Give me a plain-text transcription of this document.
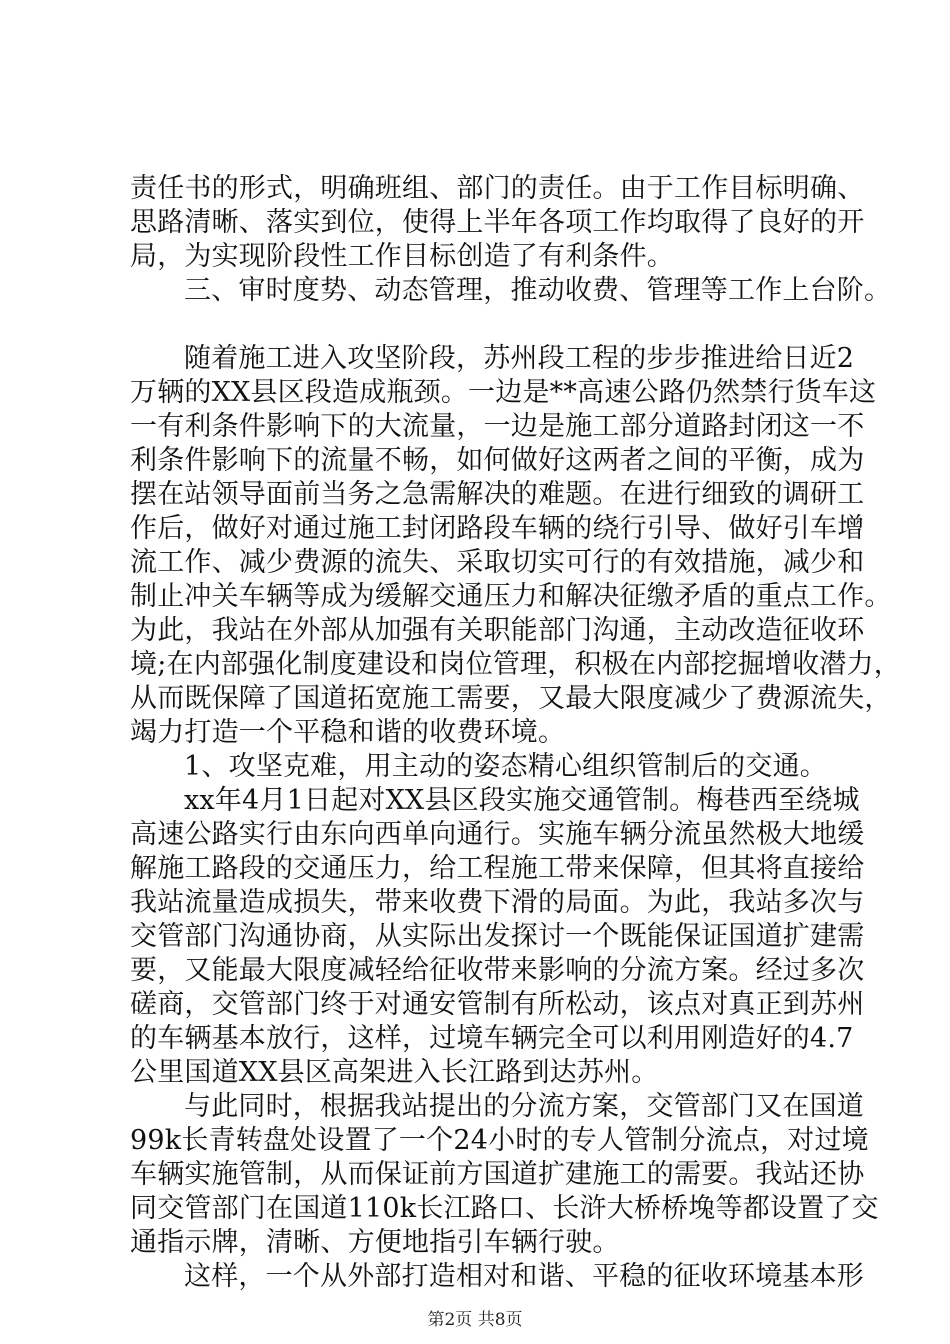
责任书的形式，明确班组、部门的责任。由于工作目标明确、
思路清晰、落实到位，使得上半年各项工作均取得了良好的开
局，为实现阶段性工作目标创造了有利条件。
三、审时度势、动态管理，推动收费、管理等工作上台阶。
随着施工进入攻坚阶段，苏州段工程的步步推进给日近2
万辆的XX县区段造成瓶颈。一边是**高速公路仍然禁行货车这
一有利条件影响下的大流量，一边是施工部分道路封闭这一不
利条件影响下的流量不畅，如何做好这两者之间的平衡，成为
摆在站领导面前当务之急需解决的难题。在进行细致的调研工
作后，做好对通过施工封闭路段车辆的绕行引导、做好引车增
流工作、减少费源的流失、采取切实可行的有效措施，减少和
制止冲关车辆等成为缓解交通压力和解决征缴矛盾的重点工作。
为此，我站在外部从加强有关职能部门沟通，主动改造征收环
境;在内部强化制度建设和岗位管理，积极在内部挖掘增收潜力，
从而既保障了国道拓宽施工需要，又最大限度减少了费源流失，
竭力打造一个平稳和谐的收费环境。
1、攻坚克难，用主动的姿态精心组织管制后的交通。
xx年4月1日起对XX县区段实施交通管制。梅巷西至绕城
高速公路实行由东向西单向通行。实施车辆分流虽然极大地缓
解施工路段的交通压力，给工程施工带来保障，但其将直接给
我站流量造成损失，带来收费下滑的局面。为此，我站多次与
交管部门沟通协商，从实际出发探讨一个既能保证国道扩建需
要，又能最大限度减轻给征收带来影响的分流方案。经过多次
磋商，交管部门终于对通安管制有所松动，该点对真正到苏州
的车辆基本放行，这样，过境车辆完全可以利用刚造好的4.7
公里国道XX县区高架进入长江路到达苏州。
与此同时，根据我站提出的分流方案，交管部门又在国道
99k长青转盘处设置了一个24小时的专人管制分流点，对过境
车辆实施管制，从而保证前方国道扩建施工的需要。我站还协
同交管部门在国道110k长江路口、长浒大桥桥堍等都设置了交
通指示牌，清晰、方便地指引车辆行驶。
这样，一个从外部打造相对和谐、平稳的征收环境基本形
第2页 共8页
